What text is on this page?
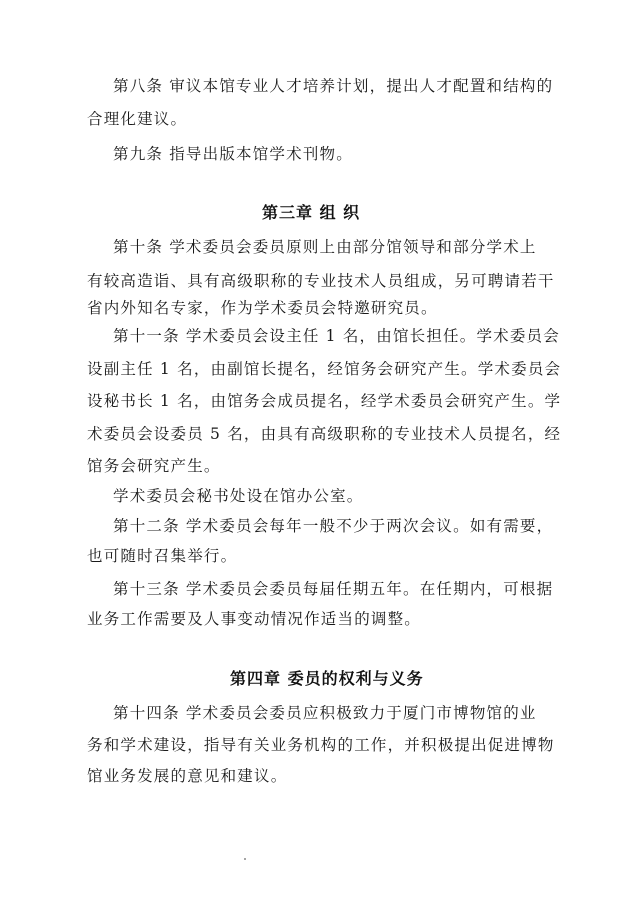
第八条 审议本馆专业人才培养计划，提出人才配置和结构的
合理化建议。
第九条 指导出版本馆学术刊物。
第三章 组 织
第十条 学术委员会委员原则上由部分馆领导和部分学术上
有较高造诣、具有高级职称的专业技术人员组成，另可聘请若干
省内外知名专家，作为学术委员会特邀研究员。
第十一条 学术委员会设主任 1 名，由馆长担任。学术委员会
设副主任 1 名，由副馆长提名，经馆务会研究产生。学术委员会
设秘书长 1 名，由馆务会成员提名，经学术委员会研究产生。学
术委员会设委员 5 名，由具有高级职称的专业技术人员提名，经
馆务会研究产生。
学术委员会秘书处设在馆办公室。
第十二条 学术委员会每年一般不少于两次会议。如有需要，
也可随时召集举行。
第十三条 学术委员会委员每届任期五年。在任期内，可根据
业务工作需要及人事变动情况作适当的调整。
第四章 委员的权利与义务
第十四条 学术委员会委员应积极致力于厦门市博物馆的业
务和学术建设，指导有关业务机构的工作，并积极提出促进博物
馆业务发展的意见和建议。
